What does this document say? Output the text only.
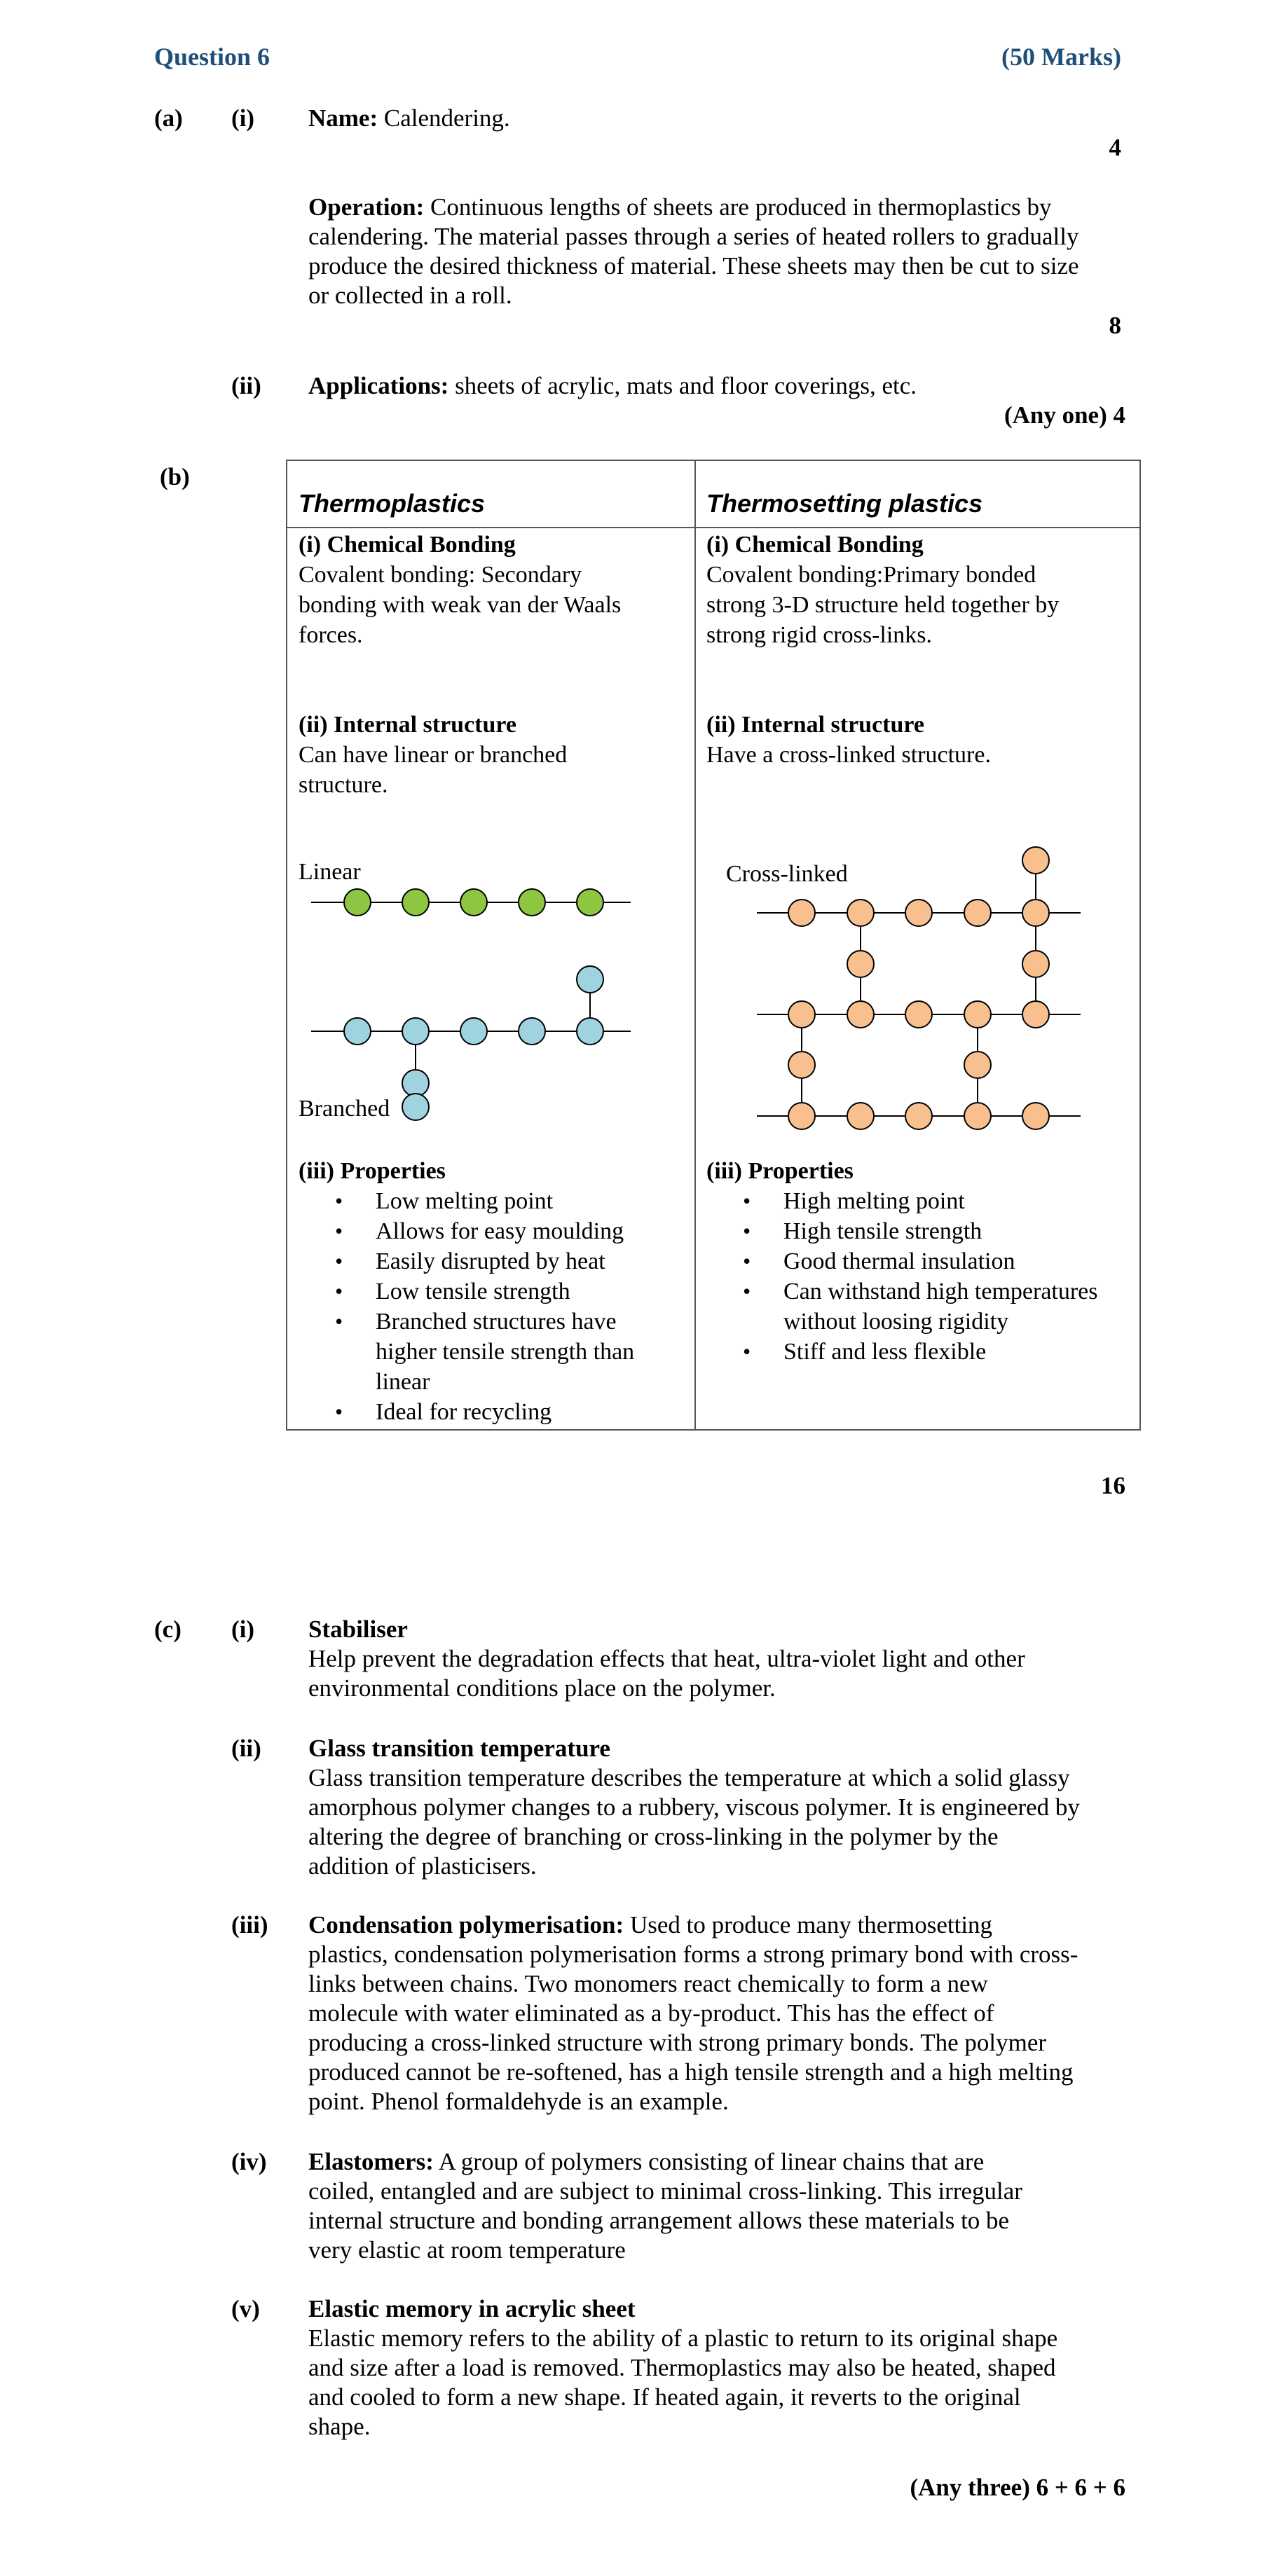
Question 6	(50 Marks)
(a) (i) Name: Calendering.
4

Operation: Continuous lengths of sheets are produced in thermoplastics by

calendering. The material passes through a series of heated rollers to gradually

produce the desired thickness of material. These sheets may then be cut to size

or collected in a roll.

8
(ii) Applications: sheets of acrylic, mats and floor coverings, etc.
(Any one) 4
(b)
Thermoplastics	Thermosetting plastics

(i) Chemical Bonding

Covalent bonding: Secondary

bonding with weak van der Waals

forces.

(ii) Internal structure

Can have linear or branched

structure.

Linear
Branched

(iii) Properties

• Low melting point
• Allows for easy moulding
• Easily disrupted by heat
• Low tensile strength
• Branched structures have
higher tensile strength than
linear
• Ideal for recycling

(i) Chemical Bonding

Covalent bonding:Primary bonded

strong 3-D structure held together by

strong rigid cross-links.

(ii) Internal structure

Have a cross-linked structure.

Cross-linked

(iii) Properties

• High melting point
• High tensile strength
• Good thermal insulation
• Can withstand high temperatures
without loosing rigidity
• Stiff and less flexible
16
(c) (i) Stabiliser

Help prevent the degradation effects that heat, ultra-violet light and other

environmental conditions place on the polymer.

(ii) Glass transition temperature

Glass transition temperature describes the temperature at which a solid glassy

amorphous polymer changes to a rubbery, viscous polymer. It is engineered by

altering the degree of branching or cross-linking in the polymer by the

addition of plasticisers.

(iii) Condensation polymerisation: Used to produce many thermosetting

plastics, condensation polymerisation forms a strong primary bond with cross-

links between chains. Two monomers react chemically to form a new

molecule with water eliminated as a by-product. This has the effect of

producing a cross-linked structure with strong primary bonds. The polymer

produced cannot be re-softened, has a high tensile strength and a high melting

point. Phenol formaldehyde is an example.

(iv) Elastomers: A group of polymers consisting of linear chains that are

coiled, entangled and are subject to minimal cross-linking. This irregular

internal structure and bonding arrangement allows these materials to be

very elastic at room temperature

(v) Elastic memory in acrylic sheet

Elastic memory refers to the ability of a plastic to return to its original shape

and size after a load is removed. Thermoplastics may also be heated, shaped

and cooled to form a new shape. If heated again, it reverts to the original

shape.

(Any three) 6 + 6 + 6
